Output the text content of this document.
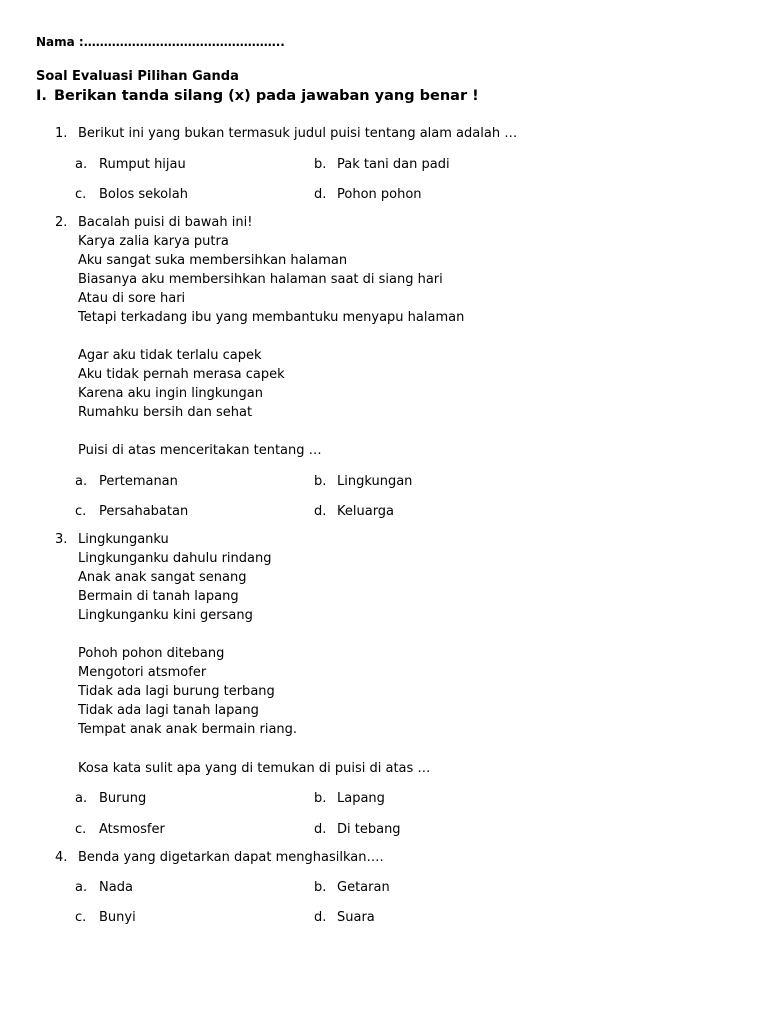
Nama :…………………………………………..
Soal Evaluasi Pilihan Ganda
I. Berikan tanda silang (x) pada jawaban yang benar !
1. Berikut ini yang bukan termasuk judul puisi tentang alam adalah …
a. Rumput hijau	b. Pak tani dan padi
c. Bolos sekolah	d. Pohon pohon
2. Bacalah puisi di bawah ini!
Karya zalia karya putra
Aku sangat suka membersihkan halaman
Biasanya aku membersihkan halaman saat di siang hari
Atau di sore hari
Tetapi terkadang ibu yang membantuku menyapu halaman
Agar aku tidak terlalu capek
Aku tidak pernah merasa capek
Karena aku ingin lingkungan
Rumahku bersih dan sehat
Puisi di atas menceritakan tentang …
a. Pertemanan	b. Lingkungan
c. Persahabatan	d. Keluarga
3. Lingkunganku
Lingkunganku dahulu rindang
Anak anak sangat senang
Bermain di tanah lapang
Lingkunganku kini gersang
Pohoh pohon ditebang
Mengotori atsmofer
Tidak ada lagi burung terbang
Tidak ada lagi tanah lapang
Tempat anak anak bermain riang.
Kosa kata sulit apa yang di temukan di puisi di atas …
a. Burung	b. Lapang
c. Atsmosfer	d. Di tebang
4. Benda yang digetarkan dapat menghasilkan….
a. Nada	b. Getaran
c. Bunyi	d. Suara
